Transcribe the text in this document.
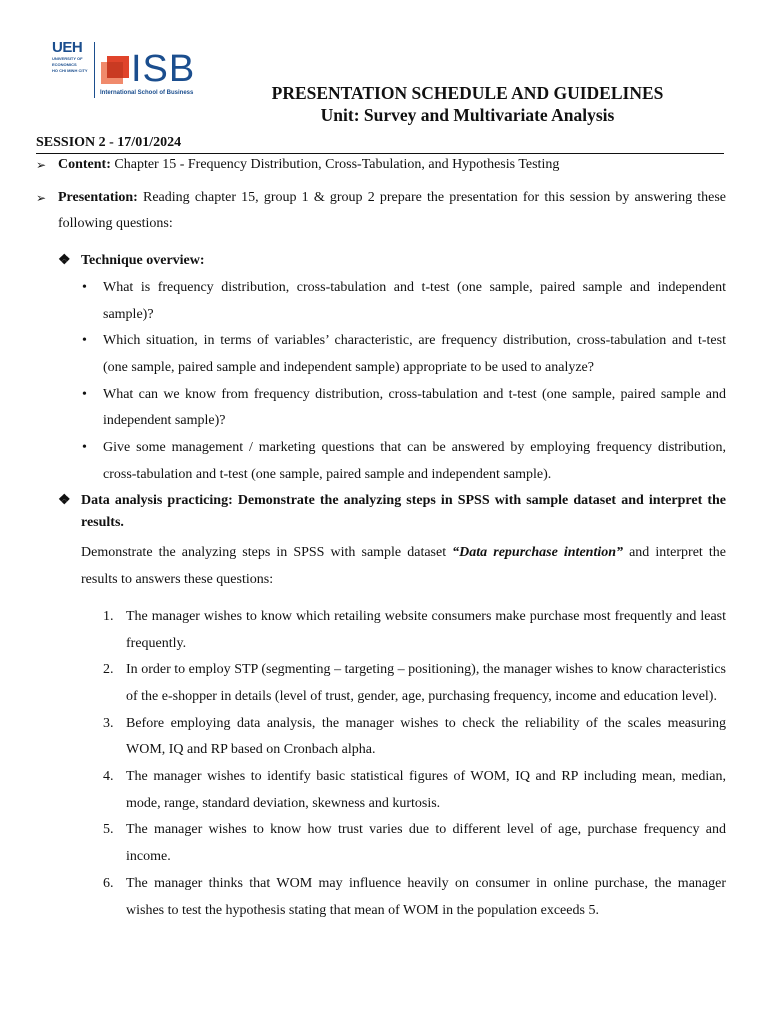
UEH
UNIVERSITY OF
ECONOMICS
HO CHI MINH CITY ISB
International School of Business	PRESENTATION SCHEDULE AND GUIDELINES
Unit: Survey and Multivariate Analysis
SESSION 2 - 17/01/2024
➢ Content: Chapter 15 - Frequency Distribution, Cross-Tabulation, and Hypothesis Testing
➢ Presentation: Reading chapter 15, group 1 & group 2 prepare the presentation for this session by answering these following questions:
❖ Technique overview:
• What is frequency distribution, cross-tabulation and t-test (one sample, paired sample and independent sample)?
• Which situation, in terms of variables’ characteristic, are frequency distribution, cross-tabulation and t-test (one sample, paired sample and independent sample) appropriate to be used to analyze?
• What can we know from frequency distribution, cross-tabulation and t-test (one sample, paired sample and independent sample)?
• Give some management / marketing questions that can be answered by employing frequency distribution, cross-tabulation and t-test (one sample, paired sample and independent sample).
❖ Data analysis practicing: Demonstrate the analyzing steps in SPSS with sample dataset and interpret the results.
Demonstrate the analyzing steps in SPSS with sample dataset “Data repurchase intention” and interpret the results to answers these questions:
1. The manager wishes to know which retailing website consumers make purchase most frequently and least frequently.
2. In order to employ STP (segmenting – targeting – positioning), the manager wishes to know characteristics of the e-shopper in details (level of trust, gender, age, purchasing frequency, income and education level).
3. Before employing data analysis, the manager wishes to check the reliability of the scales measuring WOM, IQ and RP based on Cronbach alpha.
4. The manager wishes to identify basic statistical figures of WOM, IQ and RP including mean, median, mode, range, standard deviation, skewness and kurtosis.
5. The manager wishes to know how trust varies due to different level of age, purchase frequency and income.
6. The manager thinks that WOM may influence heavily on consumer in online purchase, the manager wishes to test the hypothesis stating that mean of WOM in the population exceeds 5.
